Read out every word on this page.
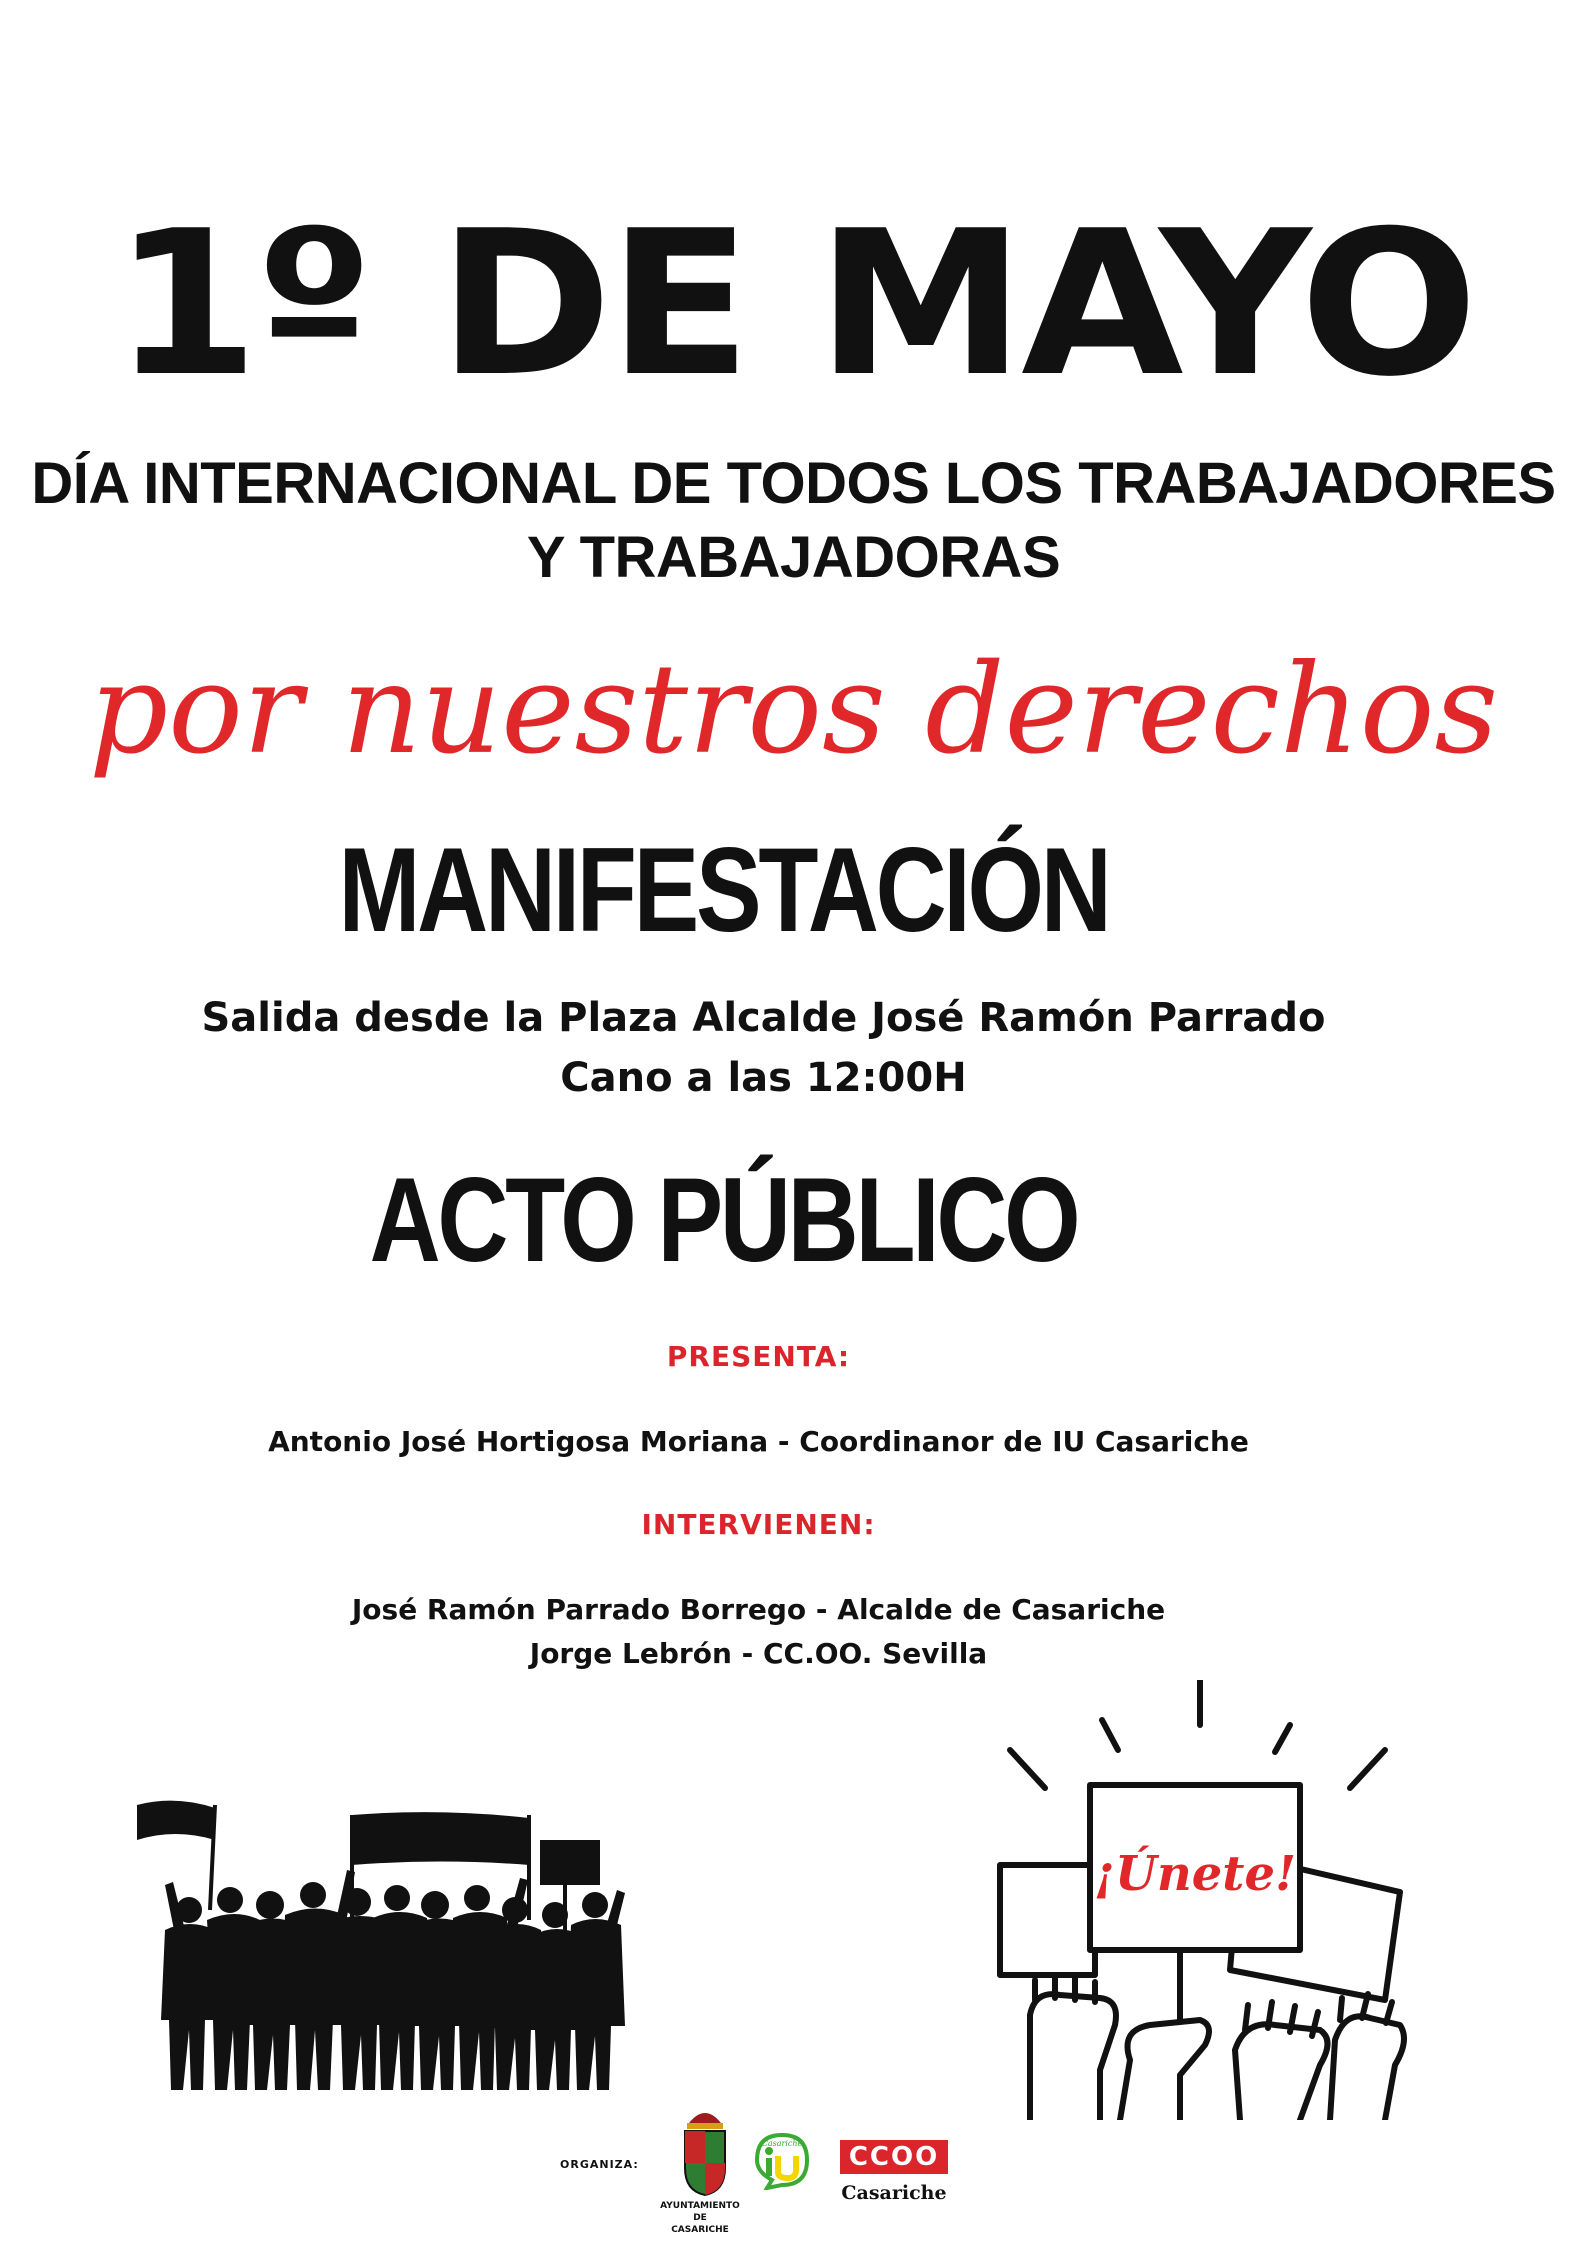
1º DE MAYO
DÍA INTERNACIONAL DE TODOS LOS TRABAJADORES
Y TRABAJADORAS
por nuestros derechos
MANIFESTACIÓN
Salida desde la Plaza Alcalde José Ramón Parrado
Cano a las 12:00H
ACTO PÚBLICO
PRESENTA:
Antonio José Hortigosa Moriana - Coordinanor de IU Casariche
INTERVIENEN:
José Ramón Parrado Borrego - Alcalde de Casariche
Jorge Lebrón - CC.OO. Sevilla
¡Únete!
ORGANIZA:
AYUNTAMIENTO DE
CASARICHE
Casariche	CCOO
Casariche
